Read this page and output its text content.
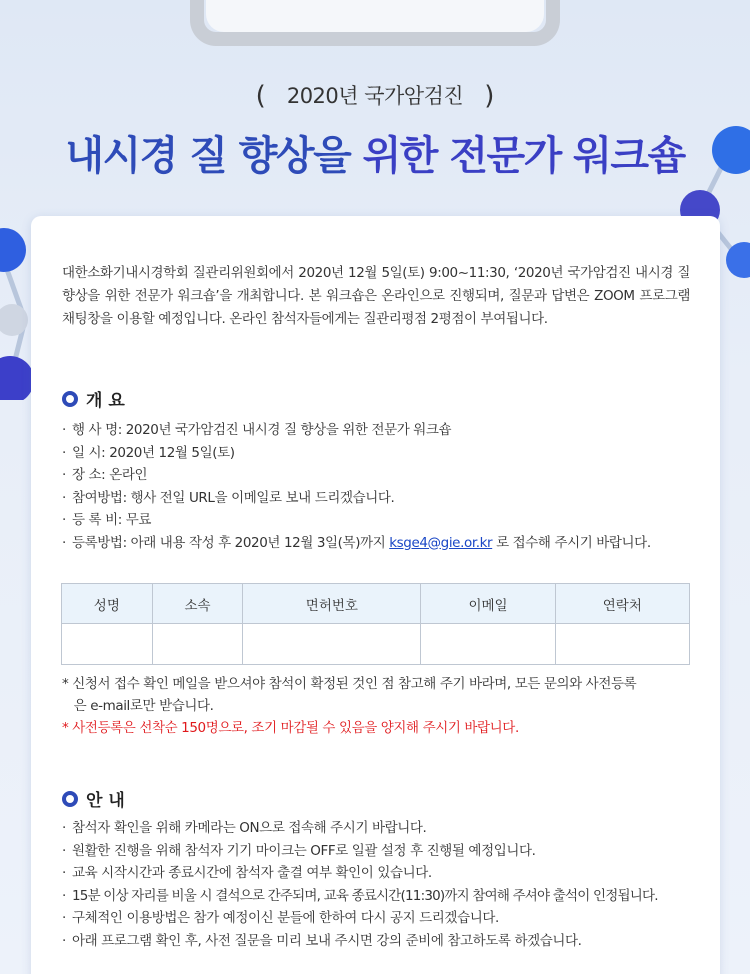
( 2020년 국가암검진 )
내시경 질 향상을 위한 전문가 워크숍

대한소화기내시경학회 질관리위원회에서 2020년 12월 5일(토) 9:00~11:30, ‘2020년 국가암검진 내시경 질 향상을 위한 전문가 워크숍’을 개최합니다. 본 워크숍은 온라인으로 진행되며, 질문과 답변은 ZOOM 프로그램 채팅창을 이용할 예정입니다. 온라인 참석자들에게는 질관리평점 2평점이 부여됩니다.

개 요
· 행 사 명: 2020년 국가암검진 내시경 질 향상을 위한 전문가 워크숍
· 일 시: 2020년 12월 5일(토)
· 장 소: 온라인
· 참여방법: 행사 전일 URL을 이메일로 보내 드리겠습니다.
· 등 록 비: 무료
· 등록방법: 아래 내용 작성 후 2020년 12월 3일(목)까지 ksge4@gie.or.kr 로 접수해 주시기 바랍니다.
성명	소속	면허번호	이메일	연락처

* 신청서 접수 확인 메일을 받으셔야 참석이 확정된 것인 점 참고해 주기 바라며, 모든 문의와 사전등록
은 e-mail로만 받습니다.
* 사전등록은 선착순 150명으로, 조기 마감될 수 있음을 양지해 주시기 바랍니다.
안 내
· 참석자 확인을 위해 카메라는 ON으로 접속해 주시기 바랍니다.
· 원활한 진행을 위해 참석자 기기 마이크는 OFF로 일괄 설정 후 진행될 예정입니다.
· 교육 시작시간과 종료시간에 참석자 출결 여부 확인이 있습니다.
· 15분 이상 자리를 비울 시 결석으로 간주되며, 교육 종료시간(11:30)까지 참여해 주셔야 출석이 인정됩니다.
· 구체적인 이용방법은 참가 예정이신 분들에 한하여 다시 공지 드리겠습니다.
· 아래 프로그램 확인 후, 사전 질문을 미리 보내 주시면 강의 준비에 참고하도록 하겠습니다.
